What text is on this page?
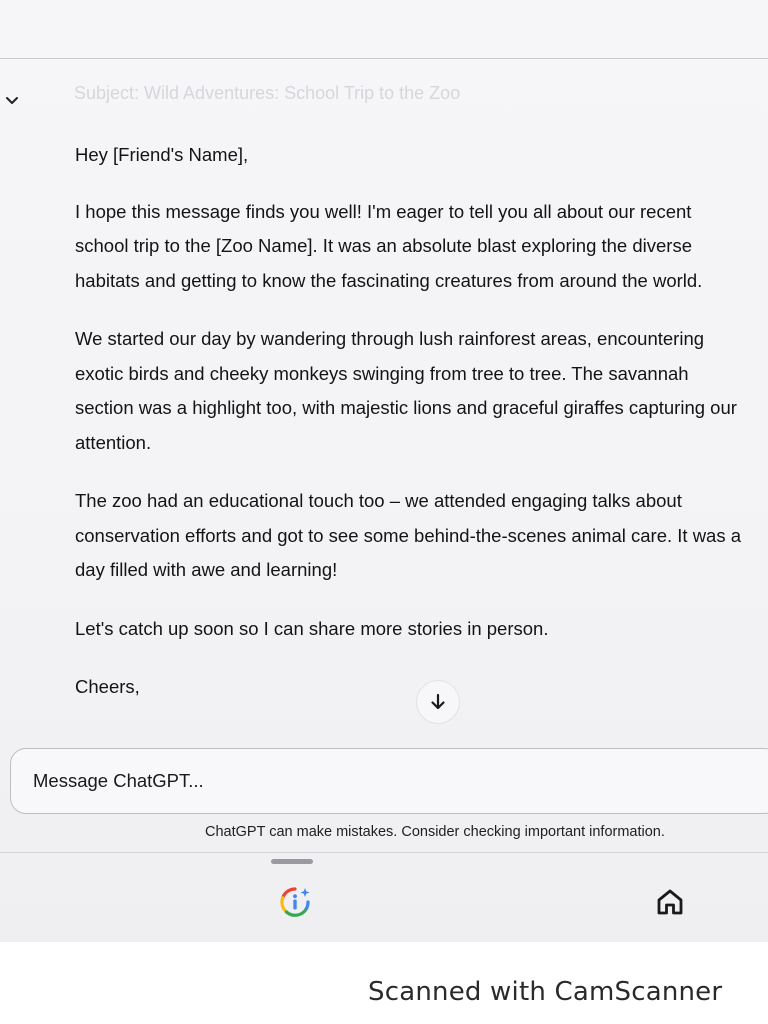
Subject: Wild Adventures: School Trip to the Zoo

Hey [Friend's Name],

I hope this message finds you well! I'm eager to tell you all about our recent school trip to the [Zoo Name]. It was an absolute blast exploring the diverse habitats and getting to know the fascinating creatures from around the world.

We started our day by wandering through lush rainforest areas, encountering exotic birds and cheeky monkeys swinging from tree to tree. The savannah section was a highlight too, with majestic lions and graceful giraffes capturing our attention.

The zoo had an educational touch too – we attended engaging talks about conservation efforts and got to see some behind-the-scenes animal care. It was a day filled with awe and learning!

Let's catch up soon so I can share more stories in person.

Cheers,

Message ChatGPT...
ChatGPT can make mistakes. Consider checking important information.
Scanned with CamScanner
